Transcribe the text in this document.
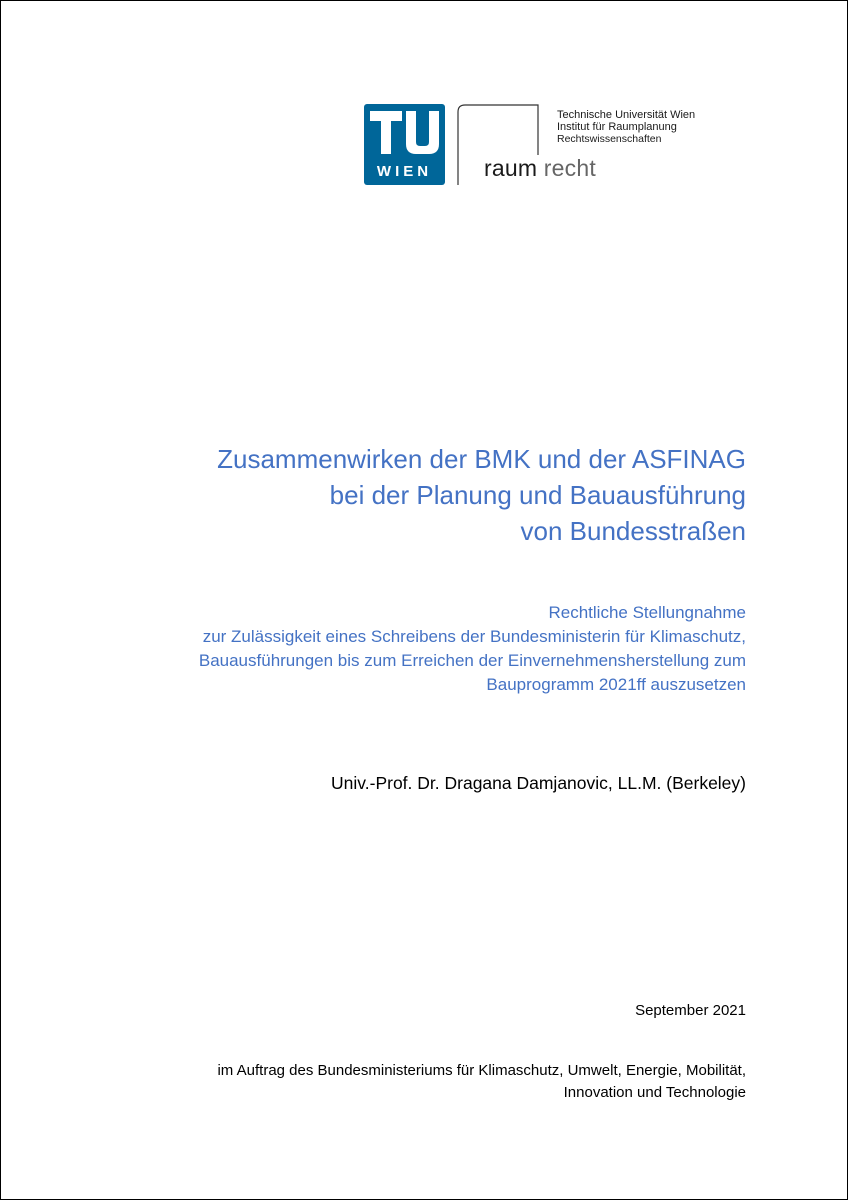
WIEN raum recht
Technische Universität Wien
Institut für Raumplanung
Rechtswissenschaften
Zusammenwirken der BMK und der ASFINAG
bei der Planung und Bauausführung
von Bundesstraßen
Rechtliche Stellungnahme
zur Zulässigkeit eines Schreibens der Bundesministerin für Klimaschutz,
Bauausführungen bis zum Erreichen der Einvernehmensherstellung zum
Bauprogramm 2021ff auszusetzen
Univ.-Prof. Dr. Dragana Damjanovic, LL.M. (Berkeley)
September 2021
im Auftrag des Bundesministeriums für Klimaschutz, Umwelt, Energie, Mobilität,
Innovation und Technologie
